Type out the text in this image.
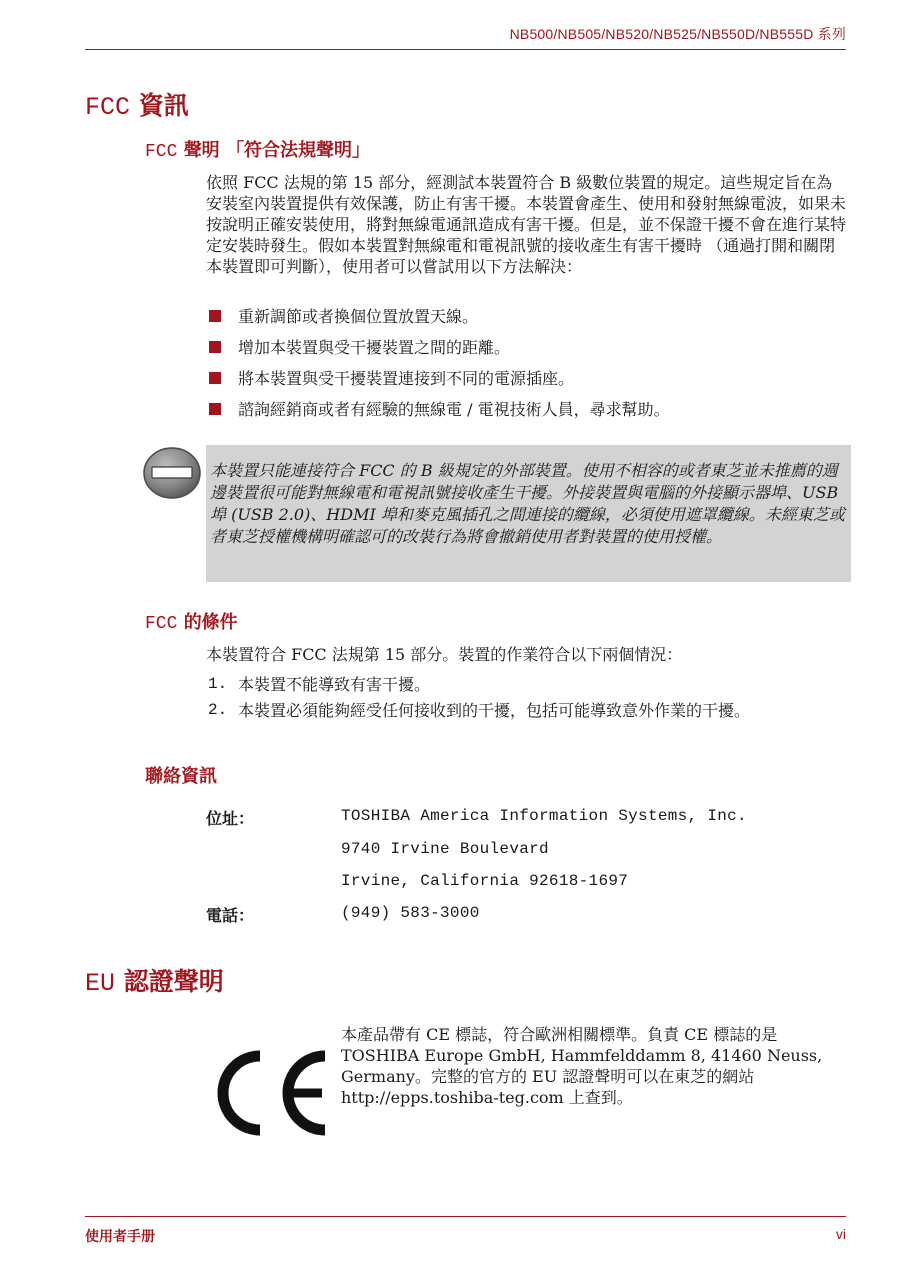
NB500/NB505/NB520/NB525/NB550D/NB555D 系列
FCC 資訊
FCC 聲明 「符合法規聲明」
依照 FCC 法規的第 15 部分，經測試本裝置符合 B 級數位裝置的規定。這些規定旨在為安裝室內裝置提供有效保護，防止有害干擾。本裝置會產生、使用和發射無線電波，如果未按說明正確安裝使用，將對無線電通訊造成有害干擾。但是，並不保證干擾不會在進行某特定安裝時發生。假如本裝置對無線電和電視訊號的接收產生有害干擾時 （通過打開和關閉本裝置即可判斷），使用者可以嘗試用以下方法解決：
重新調節或者換個位置放置天線。
增加本裝置與受干擾裝置之間的距離。
將本裝置與受干擾裝置連接到不同的電源插座。
諮詢經銷商或者有經驗的無線電 / 電視技術人員，尋求幫助。
本裝置只能連接符合 FCC 的 B 級規定的外部裝置。使用不相容的或者東芝並未推薦的週邊裝置很可能對無線電和電視訊號接收產生干擾。外接裝置與電腦的外接顯示器埠、USB 埠 (USB 2.0)、HDMI 埠和麥克風插孔之間連接的纜線，必須使用遮罩纜線。未經東芝或者東芝授權機構明確認可的改裝行為將會撤銷使用者對裝置的使用授權。
FCC 的條件
本裝置符合 FCC 法規第 15 部分。裝置的作業符合以下兩個情況：
1. 本裝置不能導致有害干擾。
2. 本裝置必須能夠經受任何接收到的干擾，包括可能導致意外作業的干擾。
聯絡資訊
位址：	TOSHIBA America Information Systems, Inc.
9740 Irvine Boulevard
Irvine, California 92618-1697
電話：	(949) 583-3000
EU 認證聲明
本產品帶有 CE 標誌，符合歐洲相關標準。負責 CE 標誌的是 TOSHIBA Europe GmbH, Hammfelddamm 8, 41460 Neuss, Germany。完整的官方的 EU 認證聲明可以在東芝的網站 http://epps.toshiba-teg.com 上查到。
使用者手册	vi
